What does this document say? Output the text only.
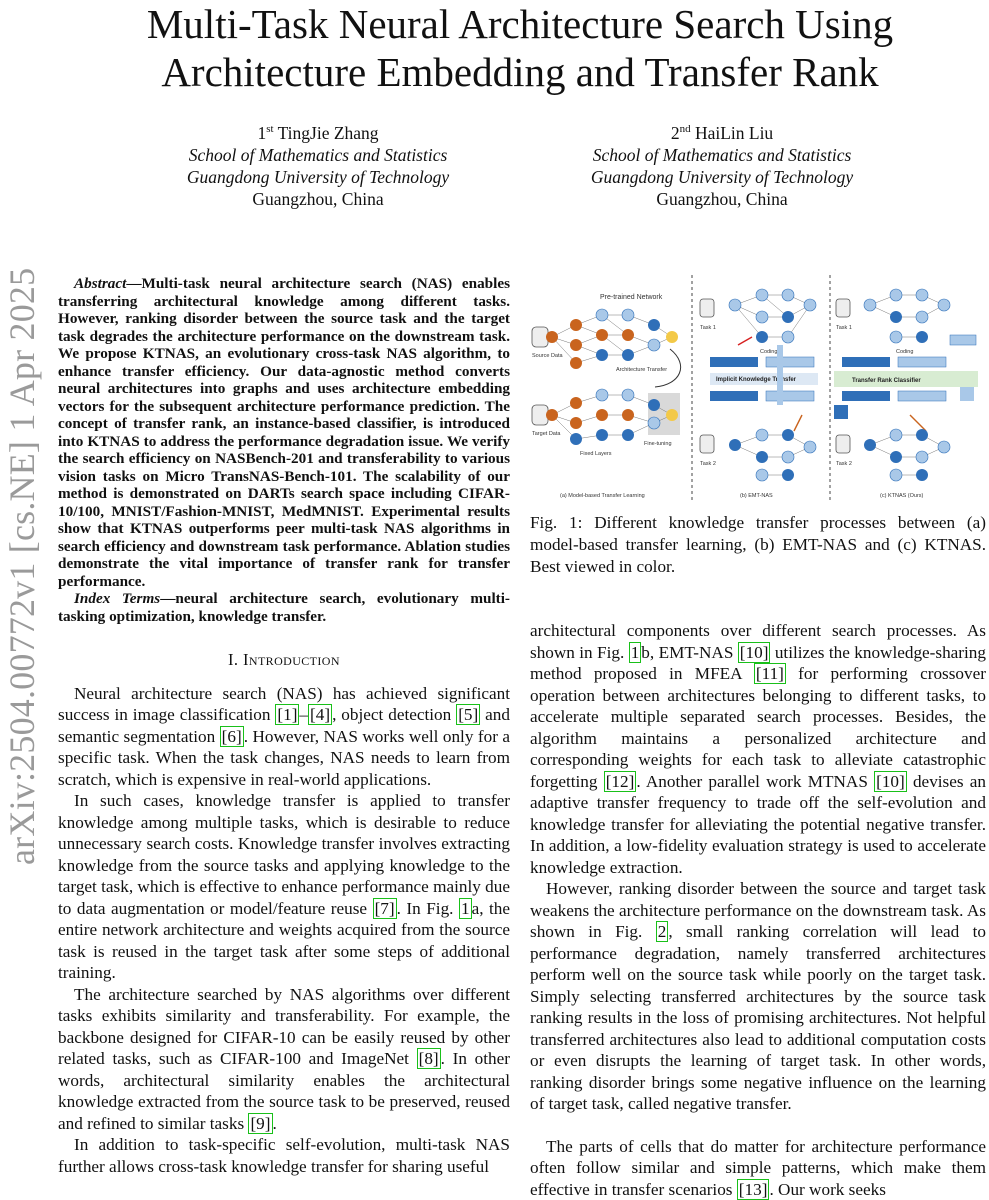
Multi-Task Neural Architecture Search Using
Architecture Embedding and Transfer Rank
1st TingJie Zhang
School of Mathematics and Statistics
Guangdong University of Technology
Guangzhou, China
2nd HaiLin Liu
School of Mathematics and Statistics
Guangdong University of Technology
Guangzhou, China
arXiv:2504.00772v1 [cs.NE] 1 Apr 2025	Abstract—Multi-task neural architecture search (NAS) enables transferring architectural knowledge among different tasks. However, ranking disorder between the source task and the target task degrades the architecture performance on the downstream task. We propose KTNAS, an evolutionary cross-task NAS algorithm, to enhance transfer efficiency. Our data-agnostic method converts neural architectures into graphs and uses architecture embedding vectors for the subsequent architecture performance prediction. The concept of transfer rank, an instance-based classifier, is introduced into KTNAS to address the performance degradation issue. We verify the search efficiency on NASBench-201 and transferability to various vision tasks on Micro TransNAS-Bench-101. The scalability of our method is demonstrated on DARTs search space including CIFAR-10/100, MNIST/Fashion-MNIST, MedMNIST. Experimental results show that KTNAS outperforms peer multi-task NAS algorithms in search efficiency and downstream task performance. Ablation studies demonstrate the vital importance of transfer rank for transfer performance.

Index Terms—neural architecture search, evolutionary multi-tasking optimization, knowledge transfer.

I. Introduction

Neural architecture search (NAS) has achieved significant success in image classification [1] – [4] , object detection [5] and semantic segmentation [6] . However, NAS works well only for a specific task. When the task changes, NAS needs to learn from scratch, which is expensive in real-world applications.

In such cases, knowledge transfer is applied to transfer knowledge among multiple tasks, which is desirable to reduce unnecessary search costs. Knowledge transfer involves extracting knowledge from the source tasks and applying knowledge to the target task, which is effective to enhance performance mainly due to data augmentation or model/feature reuse [7] . In Fig. 1 a, the entire network architecture and weights acquired from the source task is reused in the target task after some steps of additional training.

The architecture searched by NAS algorithms over different tasks exhibits similarity and transferability. For example, the backbone designed for CIFAR-10 can be easily reused by other related tasks, such as CIFAR-100 and ImageNet [8] . In other words, architectural similarity enables the architectural knowledge extracted from the source task to be preserved, reused and refined to similar tasks [9] .

In addition to task-specific self-evolution, multi-task NAS further allows cross-task knowledge transfer for sharing useful

Pre-trained Network
Source Data
Architecture Transfer
Target Data
Fixed Layers
Fine-tuning
(a) Model-based Transfer Learning
Task 1
Coding
Implicit Knowledge Transfer
Task 2
(b) EMT-NAS
Task 1
Coding
Transfer Rank Classifier
Task 2
(c) KTNAS (Ours)
Fig. 1: Different knowledge transfer processes between (a) model-based transfer learning, (b) EMT-NAS and (c) KTNAS. Best viewed in color.

architectural components over different search processes. As shown in Fig. 1 b, EMT-NAS [10] utilizes the knowledge-sharing method proposed in MFEA [11] for performing crossover operation between architectures belonging to different tasks, to accelerate multiple separated search processes. Besides, the algorithm maintains a personalized architecture and corresponding weights for each task to alleviate catastrophic forgetting [12] . Another parallel work MTNAS [10] devises an adaptive transfer frequency to trade off the self-evolution and knowledge transfer for alleviating the potential negative transfer. In addition, a low-fidelity evaluation strategy is used to accelerate knowledge extraction.

However, ranking disorder between the source and target task weakens the architecture performance on the downstream task. As shown in Fig. 2 , small ranking correlation will lead to performance degradation, namely transferred architectures perform well on the source task while poorly on the target task. Simply selecting transferred architectures by the source task ranking results in the loss of promising architectures. Not helpful transferred architectures also lead to additional computation costs or even disrupts the learning of target task. In other words, ranking disorder brings some negative influence on the learning of target task, called negative transfer.

The parts of cells that do matter for architecture performance often follow similar and simple patterns, which make them effective in transfer scenarios [13] . Our work seeks
